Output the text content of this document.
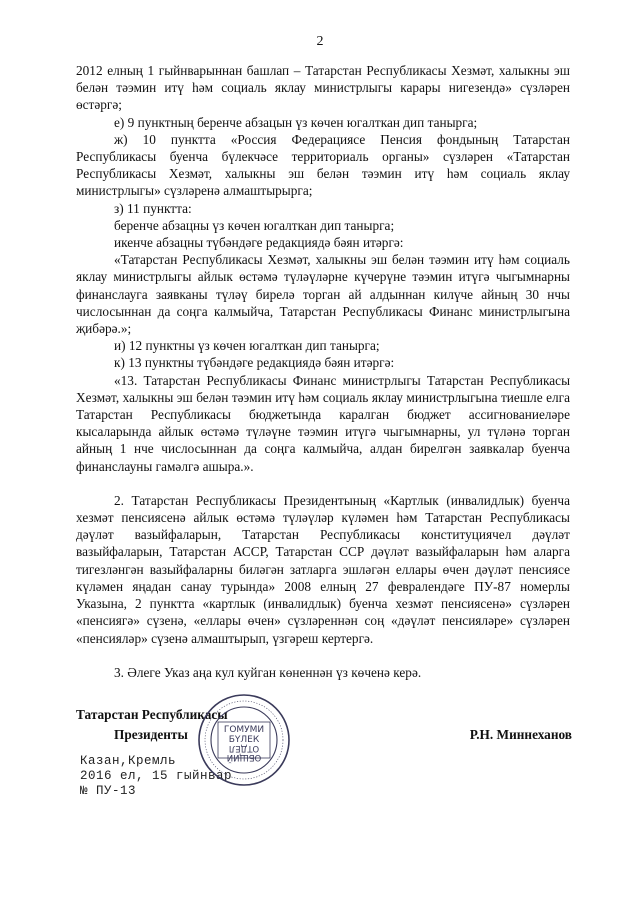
2

2012 елның 1 гыйнварыннан башлап – Татарстан Республикасы Хезмәт, халыкны эш белән тәэмин итү һәм социаль яклау министрлыгы карары нигезендә» сүзләрен өстәргә;

е) 9 пунктның беренче абзацын үз көчен югалткан дип танырга;

ж) 10 пунктта «Россия Федерациясе Пенсия фондының Татарстан Республикасы буенча бүлекчәсе территориаль органы» сүзләрен «Татарстан Республикасы Хезмәт, халыкны эш белән тәэмин итү һәм социаль яклау министрлыгы» сүзләренә алмаштырырга;

з) 11 пунктта:

беренче абзацны үз көчен югалткан дип танырга;

икенче абзацны түбәндәге редакциядә бәян итәргә:

«Татарстан Республикасы Хезмәт, халыкны эш белән тәэмин итү һәм социаль яклау министрлыгы айлык өстәмә түләүләрне күчерүне тәэмин итүгә чыгымнарны финанслауга заявканы түләү бирелә торган ай алдыннан килүче айның 30 нчы числосыннан да соңга калмыйча, Татарстан Республикасы Финанс министрлыгына җибәрә.»;

и) 12 пунктны үз көчен югалткан дип танырга;

к) 13 пунктны түбәндәге редакциядә бәян итәргә:

«13. Татарстан Республикасы Финанс министрлыгы Татарстан Республикасы Хезмәт, халыкны эш белән тәэмин итү һәм социаль яклау министрлыгына тиешле елга Татарстан Республикасы бюджетында каралган бюджет ассигнованиеләре кысаларында айлык өстәмә түләүне тәэмин итүгә чыгымнарны, ул түләнә торган айның 1 нче числосыннан да соңга калмыйча, алдан бирелгән заявкалар буенча финанслауны гамәлгә ашыра.».

2. Татарстан Республикасы Президентының «Картлык (инвалидлык) буенча хезмәт пенсиясенә айлык өстәмә түләүләр күләмен һәм Татарстан Республикасы дәүләт вазыйфаларын, Татарстан Республикасы конституциячел дәүләт вазыйфаларын, Татарстан АССР, Татарстан ССР дәүләт вазыйфаларын һәм аларга тигезләнгән вазыйфаларны биләгән затларга эшләгән еллары өчен дәүләт пенсиясе күләмен яңадан санау турында» 2008 елның 27 февралендәге ПУ-87 номерлы Указына, 2 пунктта «картлык (инвалидлык) буенча хезмәт пенсиясенә» сүзләрен «пенсиягә» сүзенә, «еллары өчен» сүзләреннән соң «дәүләт пенсияләре» сүзләрен «пенсияләр» сүзенә алмаштырып, үзгәреш кертергә.

3. Әлеге Указ аңа кул куйган көненнән үз көченә керә.

Татарстан Республикасы
Президенты	Р.Н. Миннеханов
Казан,Кремль
2016 ел, 15 гыйнвар
№ ПУ-13
ГОМУМИ
БҮЛЕК
ОТДЕЛ
ОБЩИЙ
